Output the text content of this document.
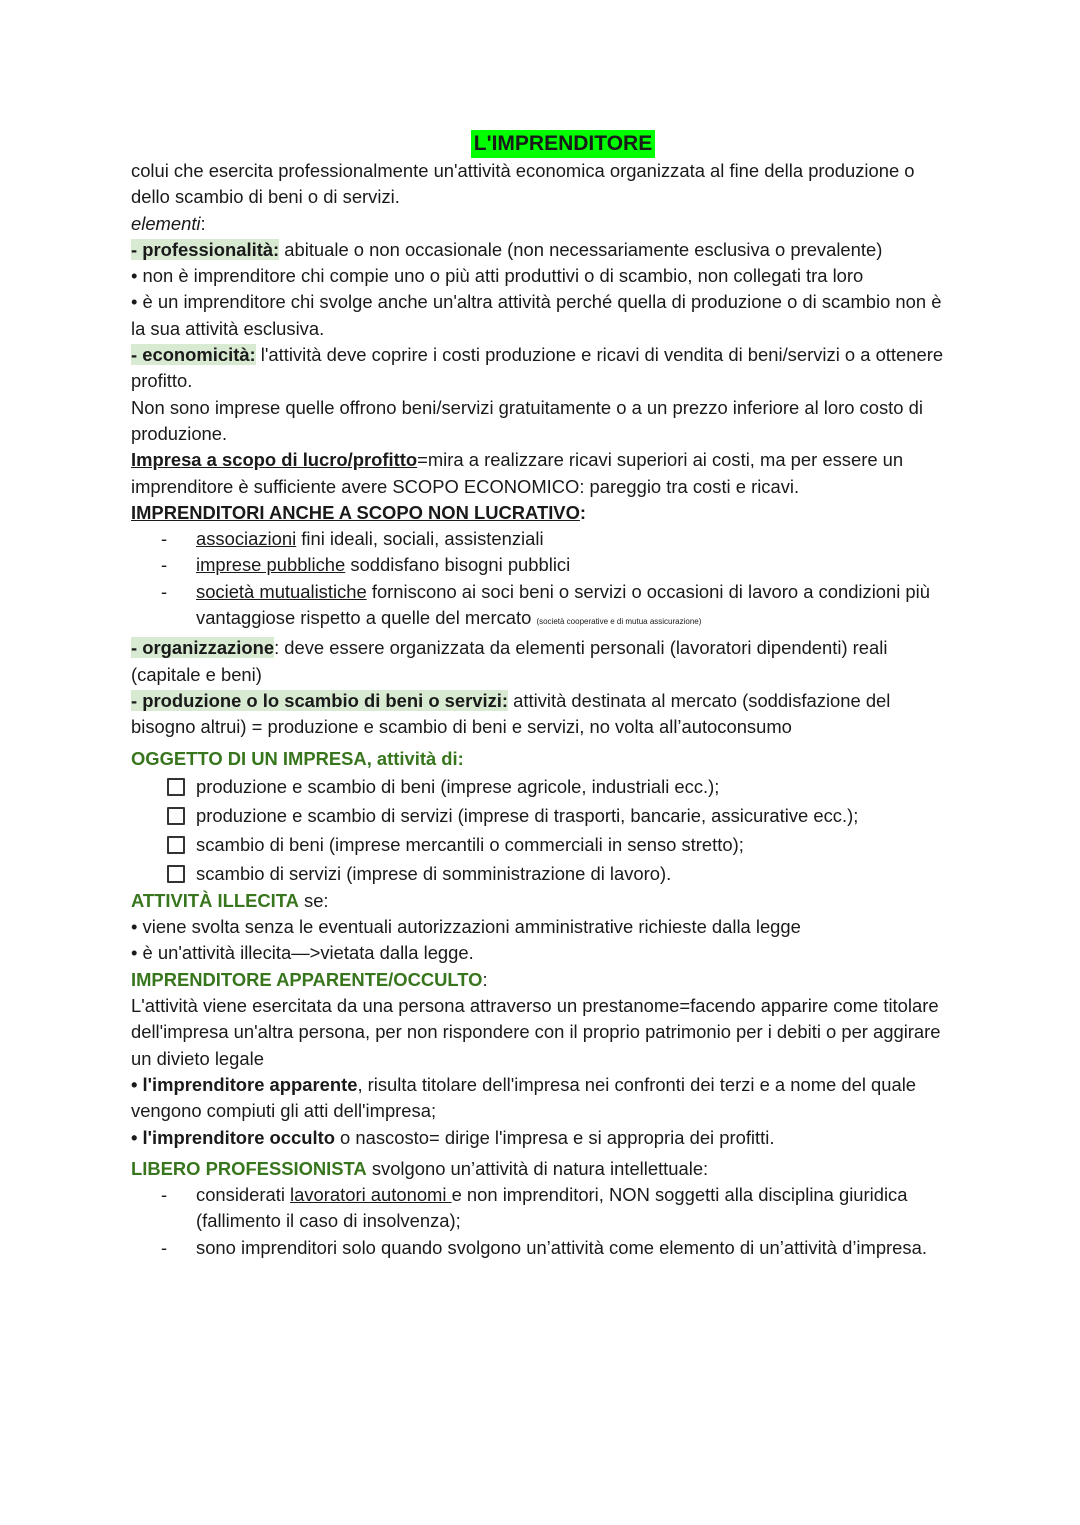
L'IMPRENDITORE

colui che esercita professionalmente un'attività economica organizzata al fine della produzione o dello scambio di beni o di servizi.

elementi:

- professionalità: abituale o non occasionale (non necessariamente esclusiva o prevalente)

• non è imprenditore chi compie uno o più atti produttivi o di scambio, non collegati tra loro

• è un imprenditore chi svolge anche un'altra attività perché quella di produzione o di scambio non è la sua attività esclusiva.

- economicità: l'attività deve coprire i costi produzione e ricavi di vendita di beni/servizi o a ottenere profitto.

Non sono imprese quelle offrono beni/servizi gratuitamente o a un prezzo inferiore al loro costo di produzione.

Impresa a scopo di lucro/profitto=mira a realizzare ricavi superiori ai costi, ma per essere un imprenditore è sufficiente avere SCOPO ECONOMICO: pareggio tra costi e ricavi.

IMPRENDITORI ANCHE A SCOPO NON LUCRATIVO:

- associazioni fini ideali, sociali, assistenziali
- imprese pubbliche soddisfano bisogni pubblici
- società mutualistiche forniscono ai soci beni o servizi o occasioni di lavoro a condizioni più vantaggiose rispetto a quelle del mercato (società cooperative e di mutua assicurazione)

- organizzazione: deve essere organizzata da elementi personali (lavoratori dipendenti) reali (capitale e beni)

- produzione o lo scambio di beni o servizi: attività destinata al mercato (soddisfazione del bisogno altrui) = produzione e scambio di beni e servizi, no volta all’autoconsumo

OGGETTO DI UN IMPRESA, attività di:

produzione e scambio di beni (imprese agricole, industriali ecc.);
produzione e scambio di servizi (imprese di trasporti, bancarie, assicurative ecc.);
scambio di beni (imprese mercantili o commerciali in senso stretto);
scambio di servizi (imprese di somministrazione di lavoro).

ATTIVITÀ ILLECITA se:

• viene svolta senza le eventuali autorizzazioni amministrative richieste dalla legge

• è un'attività illecita—>vietata dalla legge.

IMPRENDITORE APPARENTE/OCCULTO:

L'attività viene esercitata da una persona attraverso un prestanome=facendo apparire come titolare dell'impresa un'altra persona, per non rispondere con il proprio patrimonio per i debiti o per aggirare un divieto legale

• l'imprenditore apparente, risulta titolare dell'impresa nei confronti dei terzi e a nome del quale vengono compiuti gli atti dell'impresa;

• l'imprenditore occulto o nascosto= dirige l'impresa e si appropria dei profitti.

LIBERO PROFESSIONISTA svolgono un’attività di natura intellettuale:

- considerati lavoratori autonomi e non imprenditori, NON soggetti alla disciplina giuridica (fallimento il caso di insolvenza);
- sono imprenditori solo quando svolgono un’attività come elemento di un’attività d’impresa.
